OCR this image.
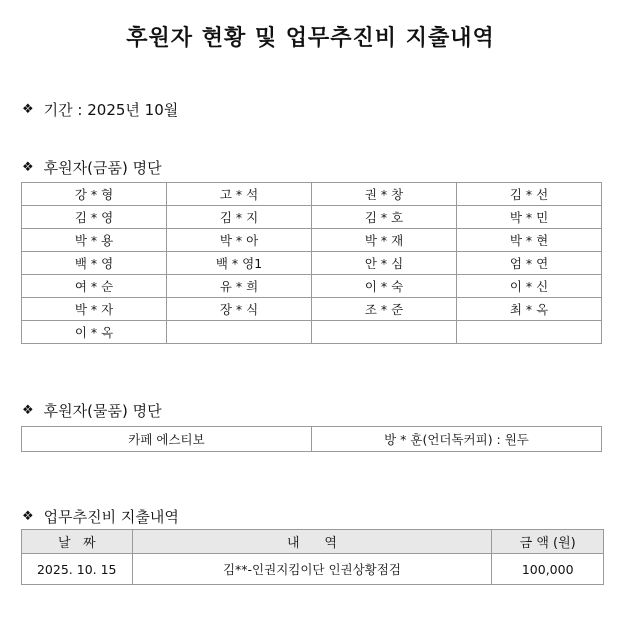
후원자 현황 및 업무추진비 지출내역
❖ 기간 : 2025년 10월
❖ 후원자(금품) 명단
강 * 형	고 * 석	권 * 창	김 * 선
김 * 영	김 * 지	김 * 호	박 * 민
박 * 용	박 * 아	박 * 재	박 * 현
백 * 영	백 * 영1	안 * 심	엄 * 연
여 * 순	유 * 희	이 * 숙	이 * 신
박 * 자	장 * 식	조 * 준	최 * 옥
이 * 옥			
❖ 후원자(물품) 명단
카페 에스티보	방 * 훈(언더독커피) : 원두
❖ 업무추진비 지출내역
날   짜	내      역	금 액 (원)
2025. 10. 15	김**-인권지킴이단 인권상황점검	100,000
